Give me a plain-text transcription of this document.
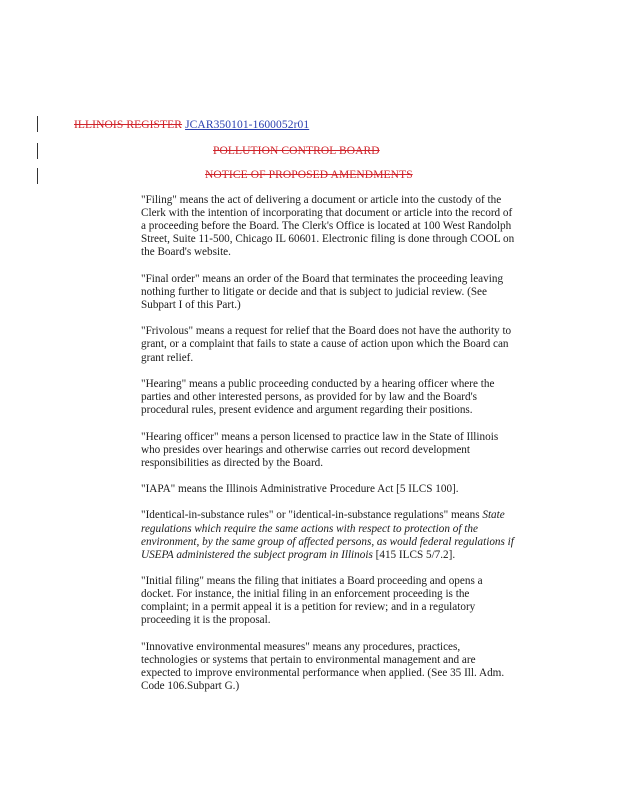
ILLINOIS REGISTER JCAR350101-1600052r01
POLLUTION CONTROL BOARD
NOTICE OF PROPOSED AMENDMENTS

"Filing" means the act of delivering a document or article into the custody of the Clerk with the intention of incorporating that document or article into the record of a proceeding before the Board. The Clerk's Office is located at 100 West Randolph Street, Suite 11-500, Chicago IL 60601. Electronic filing is done through COOL on the Board's website.

"Final order" means an order of the Board that terminates the proceeding leaving nothing further to litigate or decide and that is subject to judicial review. (See Subpart I of this Part.)

"Frivolous" means a request for relief that the Board does not have the authority to grant, or a complaint that fails to state a cause of action upon which the Board can grant relief.

"Hearing" means a public proceeding conducted by a hearing officer where the parties and other interested persons, as provided for by law and the Board's procedural rules, present evidence and argument regarding their positions.

"Hearing officer" means a person licensed to practice law in the State of Illinois who presides over hearings and otherwise carries out record development responsibilities as directed by the Board.

"IAPA" means the Illinois Administrative Procedure Act [5 ILCS 100].

"Identical-in-substance rules" or "identical-in-substance regulations" means State regulations which require the same actions with respect to protection of the environment, by the same group of affected persons, as would federal regulations if USEPA administered the subject program in Illinois [415 ILCS 5/7.2].

"Initial filing" means the filing that initiates a Board proceeding and opens a docket. For instance, the initial filing in an enforcement proceeding is the complaint; in a permit appeal it is a petition for review; and in a regulatory proceeding it is the proposal.

"Innovative environmental measures" means any procedures, practices, technologies or systems that pertain to environmental management and are expected to improve environmental performance when applied. (See 35 Ill. Adm. Code 106.Subpart G.)
